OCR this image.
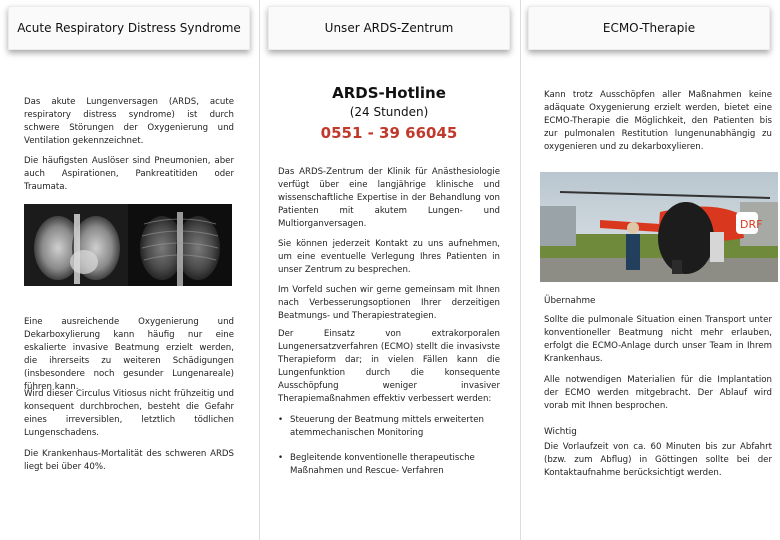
Acute Respiratory Distress Syndrome

Das akute Lungenversagen (ARDS, acute respiratory distress syndrome) ist durch schwere Störungen der Oxygenierung und Ventilation gekennzeichnet.

Die häufigsten Auslöser sind Pneumonien, aber auch Aspirationen, Pankreatitiden oder Traumata.

Eine ausreichende Oxygenierung und Dekarboxylierung kann häufig nur eine eskalierte invasive Beatmung erzielt werden, die ihrerseits zu weiteren Schädigungen (insbesondere noch gesunder Lungenareale) führen kann.

Wird dieser Circulus Vitiosus nicht frühzeitig und konsequent durchbrochen, besteht die Gefahr eines irreversiblen, letztlich tödlichen Lungenschadens.

Die Krankenhaus-Mortalität des schweren ARDS liegt bei über 40%.

Unser ARDS-Zentrum
ARDS-Hotline
(24 Stunden)
0551 - 39 66045

Das ARDS-Zentrum der Klinik für Anästhesiologie verfügt über eine langjährige klinische und wissenschaftliche Expertise in der Behandlung von Patienten mit akutem Lungen- und Multiorganversagen.

Sie können jederzeit Kontakt zu uns aufnehmen, um eine eventuelle Verlegung Ihres Patienten in unser Zentrum zu besprechen.

Im Vorfeld suchen wir gerne gemeinsam mit Ihnen nach Verbesserungsoptionen Ihrer derzeitigen Beatmungs- und Therapiestrategien.

Der Einsatz von extrakorporalen Lungenersatzverfahren (ECMO) stellt die invasivste Therapieform dar; in vielen Fällen kann die Lungenfunktion durch die konsequente Ausschöpfung weniger invasiver Therapiemaßnahmen effektiv verbessert werden:

• Steuerung der Beatmung mittels erweiterten atemmechanischen Monitoring
• Begleitende konventionelle therapeutische Maßnahmen und Rescue- Verfahren
ECMO-Therapie

Kann trotz Ausschöpfen aller Maßnahmen keine adäquate Oxygenierung erzielt werden, bietet eine ECMO-Therapie die Möglichkeit, den Patienten bis zur pulmonalen Restitution lungenunabhängig zu oxygenieren und zu dekarboxylieren.

DRF
Übernahme

Sollte die pulmonale Situation einen Transport unter konventioneller Beatmung nicht mehr erlauben, erfolgt die ECMO-Anlage durch unser Team in Ihrem Krankenhaus.

Alle notwendigen Materialien für die Implantation der ECMO werden mitgebracht. Der Ablauf wird vorab mit Ihnen besprochen.

Wichtig

Die Vorlaufzeit von ca. 60 Minuten bis zur Abfahrt (bzw. zum Abflug) in Göttingen sollte bei der Kontaktaufnahme berücksichtigt werden.
